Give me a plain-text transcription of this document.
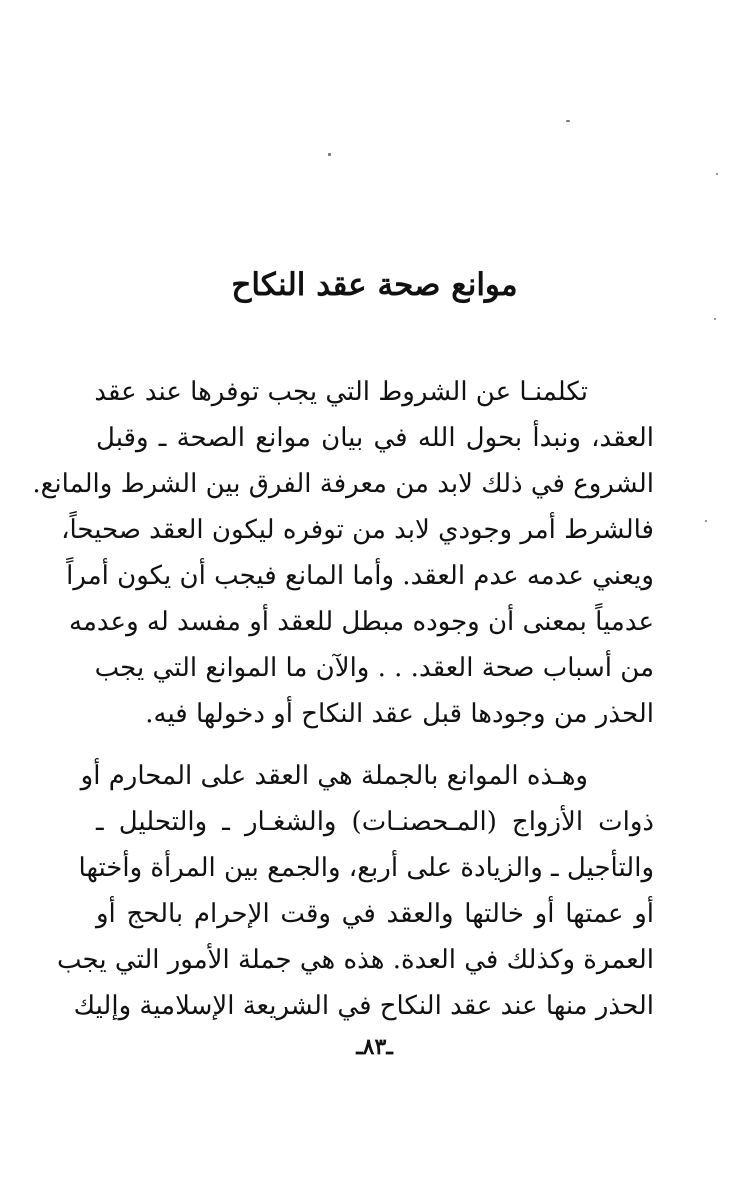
موانع صحة عقد النكاح
تكلمنـا عن الشروط التي يجب توفرها عند عقد
العقد، ونبدأ بحول الله في بيان موانع الصحة ـ وقبل
الشروع في ذلك لابد من معرفة الفرق بين الشرط والمانع.
فالشرط أمر وجودي لابد من توفره ليكون العقد صحيحاً،
ويعني عدمه عدم العقد. وأما المانع فيجب أن يكون أمراً
عدمياً بمعنى أن وجوده مبطل للعقد أو مفسد له وعدمه
من أسباب صحة العقد. . . والآن ما الموانع التي يجب
الحذر من وجودها قبل عقد النكاح أو دخولها فيه.
وهـذه الموانع بالجملة هي العقد على المحارم أو
ذوات الأزواج (المـحصنـات) والشغـار ـ والتحليل ـ
والتأجيل ـ والزيادة على أربع، والجمع بين المرأة وأختها
أو عمتها أو خالتها والعقد في وقت الإحرام بالحج أو
العمرة وكذلك في العدة. هذه هي جملة الأمور التي يجب
الحذر منها عند عقد النكاح في الشريعة الإسلامية وإليك
ـ٨٣ـ
